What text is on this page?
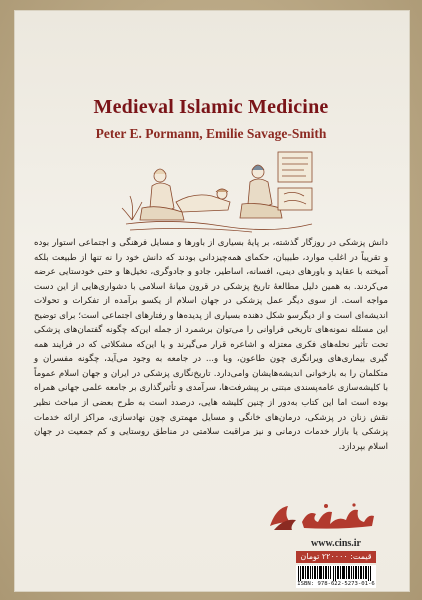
Medieval Islamic Medicine
Peter E. Pormann, Emilie Savage-Smith
دانش پزشکی در روزگار گذشته، بر پایهٔ بسیاری از باورها و مسایل فرهنگی و اجتماعی استوار بوده و تقریباً در اغلب موارد، طبیبان، حکمای همه‌چیزدانی بودند که دانش خود را نه تنها از طبیعت بلکه آمیخته با عقاید و باورهای دینی، افسانه، اساطیر، جادو و جادوگری، تخیل‌ها و حتی خودستایی عرضه می‌کردند. به همین دلیل مطالعهٔ تاریخ پزشکی در قرون میانهٔ اسلامی با دشواری‌هایی از این دست مواجه است. از سوی دیگر عمل پزشکی در جهان اسلام از یکسو برآمده از تفکرات و تحولات اندیشه‌ای است و از دیگرسو شکل دهنده بسیاری از پدیده‌ها و رفتارهای اجتماعی است؛ برای توضیح این مسئله نمونه‌های تاریخی فراوانی را می‌توان برشمرد از جمله این‌که چگونه گفتمان‌های پزشکی تحت تأثیر نحله‌های فکری معتزله و اشاعره قرار می‌گیرند و یا این‌که مشکلاتی که در فرایند همه گیری بیماری‌های ویرانگری چون طاعون، وبا و... در جامعه به وجود می‌آید، چگونه مفسران و متکلمان را به بازخوانی اندیشه‌هایشان وامی‌دارد. تاریخ‌نگاری پزشکی در ایران و جهان اسلام عموماً با کلیشه‌سازی عامه‌پسندی مبتنی بر پیشرفت‌ها، سرآمدی و تأثیرگذاری بر جامعه علمی جهانی همراه بوده است اما این کتاب به‌دور از چنین کلیشه هایی، درصدد است به طرح بعضی از مباحث نظیر نقش زنان در پزشکی، درمان‌های خانگی و مسایل مهمتری چون نهادسازی، مراکز ارائه خدمات پزشکی یا بازار خدمات درمانی و نیز مراقبت سلامتی در مناطق روستایی و کم جمعیت در جهان اسلام بپردازد.
www.cins.ir
قیمت: ۲۲۰۰۰۰ تومان
ISBN: 978-622-5273-01-6
